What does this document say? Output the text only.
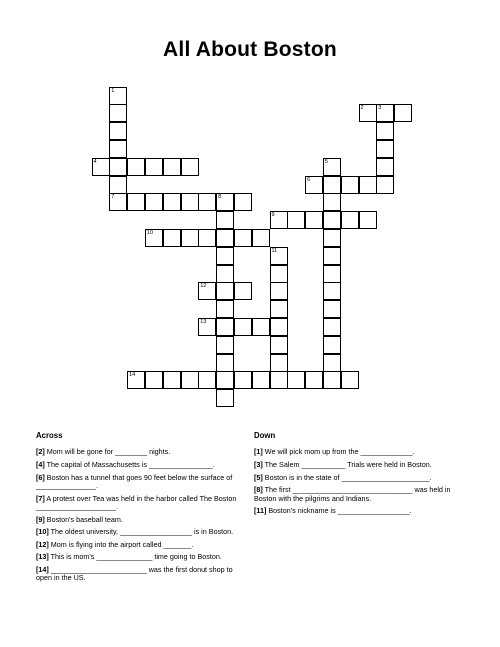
All About Boston
2	3
4
6
7	8
9
10
12
13
14
1
5
11
Across
[2] Mom will be gone for ________ nights.
[4] The capital of Massachusetts is ________________.
[6] Boston has a tunnel that goes 90 feet below the surface of _______________.
[7] A protest over Tea was held in the harbor called The Boston ____________________.
[9] Boston's baseball team.
[10] The oldest university, __________________ is in Boston.
[12] Mom is flying into the airport called _______.
[13] This is mom's ______________ time going to Boston.
[14] ________________________ was the first donut shop to open in the US.
Down
[1] We will pick mom up from the _____________.
[3] The Salem ___________ Trials were held in Boston.
[5] Boston is in the state of ______________________.
[8] The first ______________________________ was held in Boston with the pilgrims and Indians.
[11] Boston's nickname is __________________.
